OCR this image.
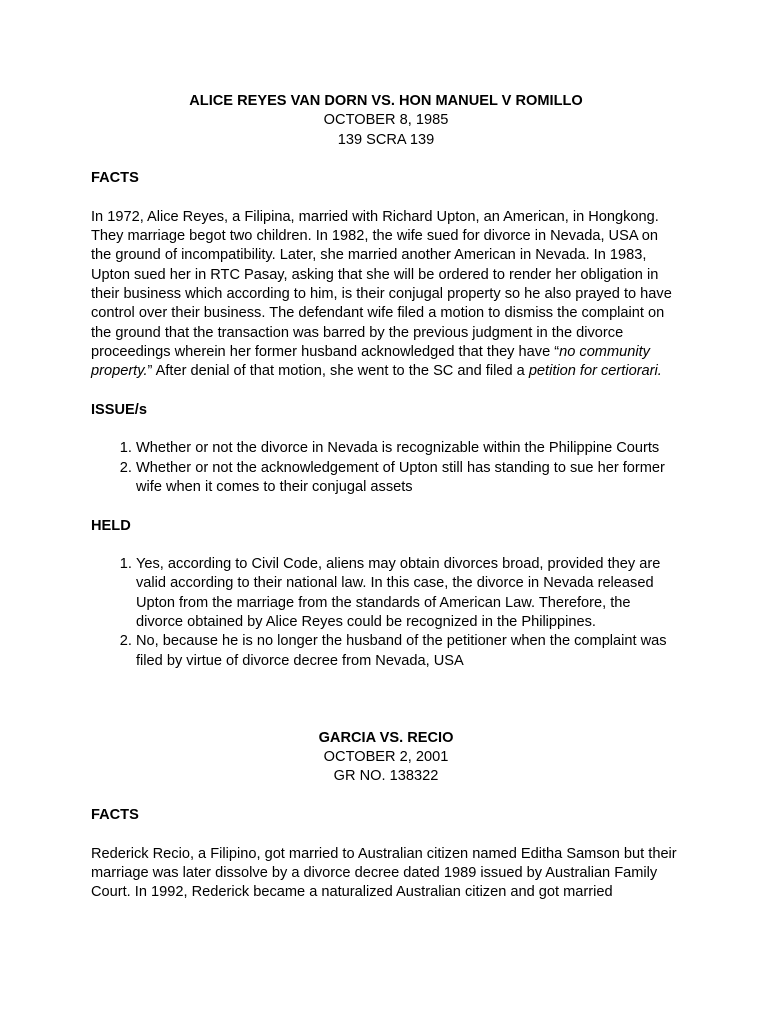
ALICE REYES VAN DORN VS. HON MANUEL V ROMILLO
OCTOBER 8, 1985
139 SCRA 139
FACTS

In 1972, Alice Reyes, a Filipina, married with Richard Upton, an American, in Hongkong. They marriage begot two children. In 1982, the wife sued for divorce in Nevada, USA on the ground of incompatibility. Later, she married another American in Nevada. In 1983, Upton sued her in RTC Pasay, asking that she will be ordered to render her obligation in their business which according to him, is their conjugal property so he also prayed to have control over their business. The defendant wife filed a motion to dismiss the complaint on the ground that the transaction was barred by the previous judgment in the divorce proceedings wherein her former husband acknowledged that they have “no community property.” After denial of that motion, she went to the SC and filed a petition for certiorari.

ISSUE/s
1. Whether or not the divorce in Nevada is recognizable within the Philippine Courts
2. Whether or not the acknowledgement of Upton still has standing to sue her former wife when it comes to their conjugal assets
HELD
1. Yes, according to Civil Code, aliens may obtain divorces broad, provided they are valid according to their national law. In this case, the divorce in Nevada released Upton from the marriage from the standards of American Law. Therefore, the divorce obtained by Alice Reyes could be recognized in the Philippines.
2. No, because he is no longer the husband of the petitioner when the complaint was filed by virtue of divorce decree from Nevada, USA
GARCIA VS. RECIO
OCTOBER 2, 2001
GR NO. 138322
FACTS

Rederick Recio, a Filipino, got married to Australian citizen named Editha Samson but their marriage was later dissolve by a divorce decree dated 1989 issued by Australian Family Court. In 1992, Rederick became a naturalized Australian citizen and got married
